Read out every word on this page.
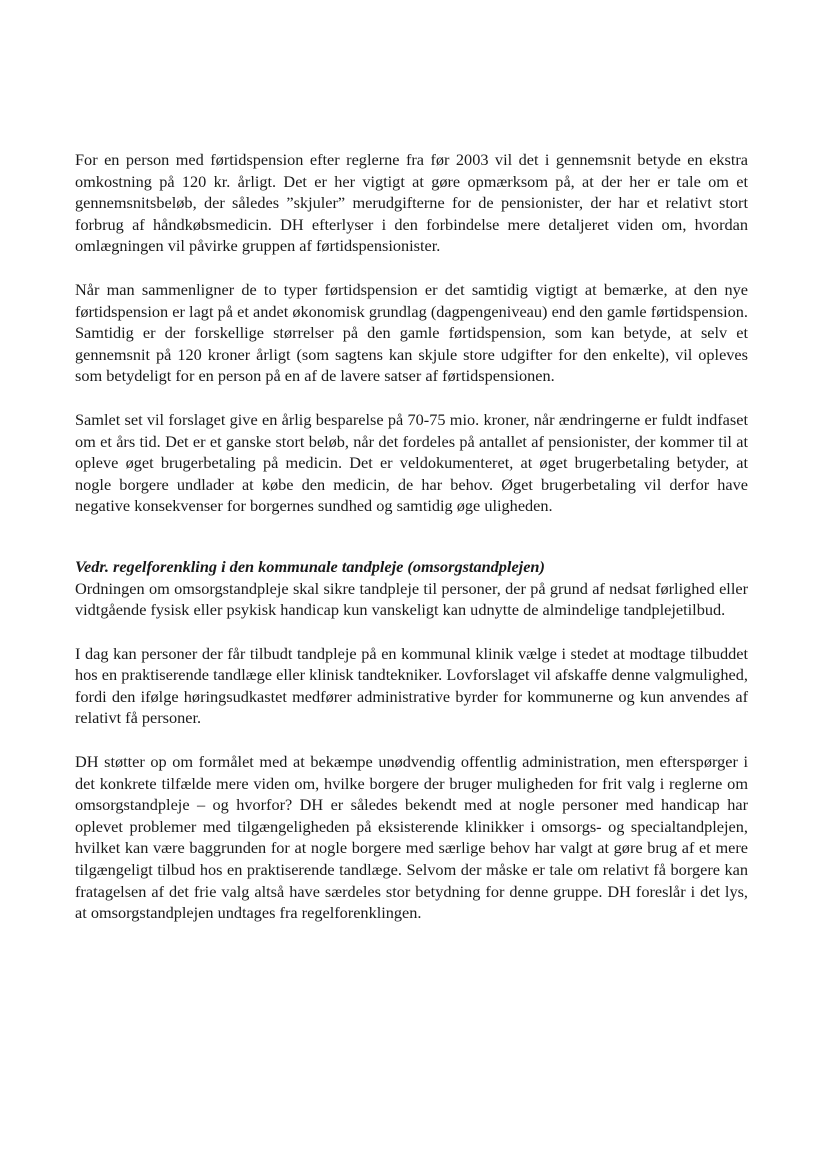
For en person med førtidspension efter reglerne fra før 2003 vil det i gennemsnit betyde en ekstra omkostning på 120 kr. årligt. Det er her vigtigt at gøre opmærksom på, at der her er tale om et gennemsnitsbeløb, der således ”skjuler” merudgifterne for de pensionister, der har et relativt stort forbrug af håndkøbsmedicin. DH efterlyser i den forbindelse mere detaljeret viden om, hvordan omlægningen vil påvirke gruppen af førtidspensionister.

Når man sammenligner de to typer førtidspension er det samtidig vigtigt at bemærke, at den nye førtidspension er lagt på et andet økonomisk grundlag (dagpengeniveau) end den gamle førtidspension. Samtidig er der forskellige størrelser på den gamle førtidspension, som kan betyde, at selv et gennemsnit på 120 kroner årligt (som sagtens kan skjule store udgifter for den enkelte), vil opleves som betydeligt for en person på en af de lavere satser af førtidspensionen.

Samlet set vil forslaget give en årlig besparelse på 70-75 mio. kroner, når ændringerne er fuldt indfaset om et års tid. Det er et ganske stort beløb, når det fordeles på antallet af pensionister, der kommer til at opleve øget brugerbetaling på medicin. Det er veldokumenteret, at øget brugerbetaling betyder, at nogle borgere undlader at købe den medicin, de har behov. Øget brugerbetaling vil derfor have negative konsekvenser for borgernes sundhed og samtidig øge uligheden.

Vedr. regelforenkling i den kommunale tandpleje (omsorgstandplejen)

Ordningen om omsorgstandpleje skal sikre tandpleje til personer, der på grund af nedsat førlighed eller vidtgående fysisk eller psykisk handicap kun vanskeligt kan udnytte de almindelige tandplejetilbud.

I dag kan personer der får tilbudt tandpleje på en kommunal klinik vælge i stedet at modtage tilbuddet hos en praktiserende tandlæge eller klinisk tandtekniker. Lovforslaget vil afskaffe denne valgmulighed, fordi den ifølge høringsudkastet medfører administrative byrder for kommunerne og kun anvendes af relativt få personer.

DH støtter op om formålet med at bekæmpe unødvendig offentlig administration, men efterspørger i det konkrete tilfælde mere viden om, hvilke borgere der bruger muligheden for frit valg i reglerne om omsorgstandpleje – og hvorfor? DH er således bekendt med at nogle personer med handicap har oplevet problemer med tilgængeligheden på eksisterende klinikker i omsorgs- og specialtandplejen, hvilket kan være baggrunden for at nogle borgere med særlige behov har valgt at gøre brug af et mere tilgængeligt tilbud hos en praktiserende tandlæge. Selvom der måske er tale om relativt få borgere kan fratagelsen af det frie valg altså have særdeles stor betydning for denne gruppe. DH foreslår i det lys, at omsorgstandplejen undtages fra regelforenklingen.
